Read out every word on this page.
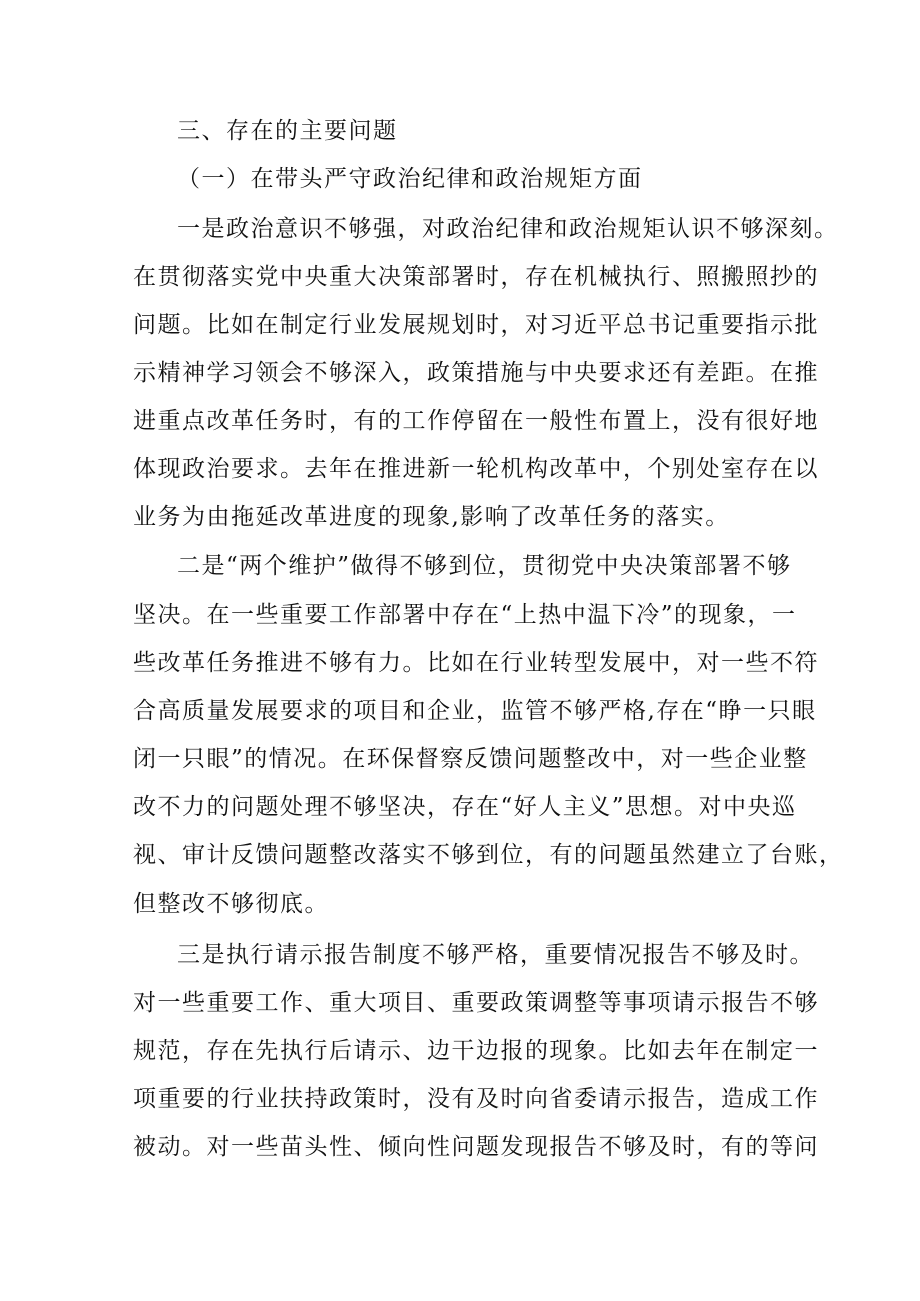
三、存在的主要问题
（一）在带头严守政治纪律和政治规矩方面
一是政治意识不够强，对政治纪律和政治规矩认识不够深刻。
在贯彻落实党中央重大决策部署时，存在机械执行、照搬照抄的
问题。比如在制定行业发展规划时，对习近平总书记重要指示批
示精神学习领会不够深入，政策措施与中央要求还有差距。在推
进重点改革任务时，有的工作停留在一般性布置上，没有很好地
体现政治要求。去年在推进新一轮机构改革中，个别处室存在以
业务为由拖延改革进度的现象,影响了改革任务的落实。
二是“两个维护”做得不够到位，贯彻党中央决策部署不够
坚决。在一些重要工作部署中存在“上热中温下冷”的现象，一
些改革任务推进不够有力。比如在行业转型发展中，对一些不符
合高质量发展要求的项目和企业，监管不够严格,存在“睁一只眼
闭一只眼”的情况。在环保督察反馈问题整改中，对一些企业整
改不力的问题处理不够坚决，存在“好人主义”思想。对中央巡
视、审计反馈问题整改落实不够到位，有的问题虽然建立了台账，
但整改不够彻底。
三是执行请示报告制度不够严格，重要情况报告不够及时。
对一些重要工作、重大项目、重要政策调整等事项请示报告不够
规范，存在先执行后请示、边干边报的现象。比如去年在制定一
项重要的行业扶持政策时，没有及时向省委请示报告，造成工作
被动。对一些苗头性、倾向性问题发现报告不够及时，有的等问
